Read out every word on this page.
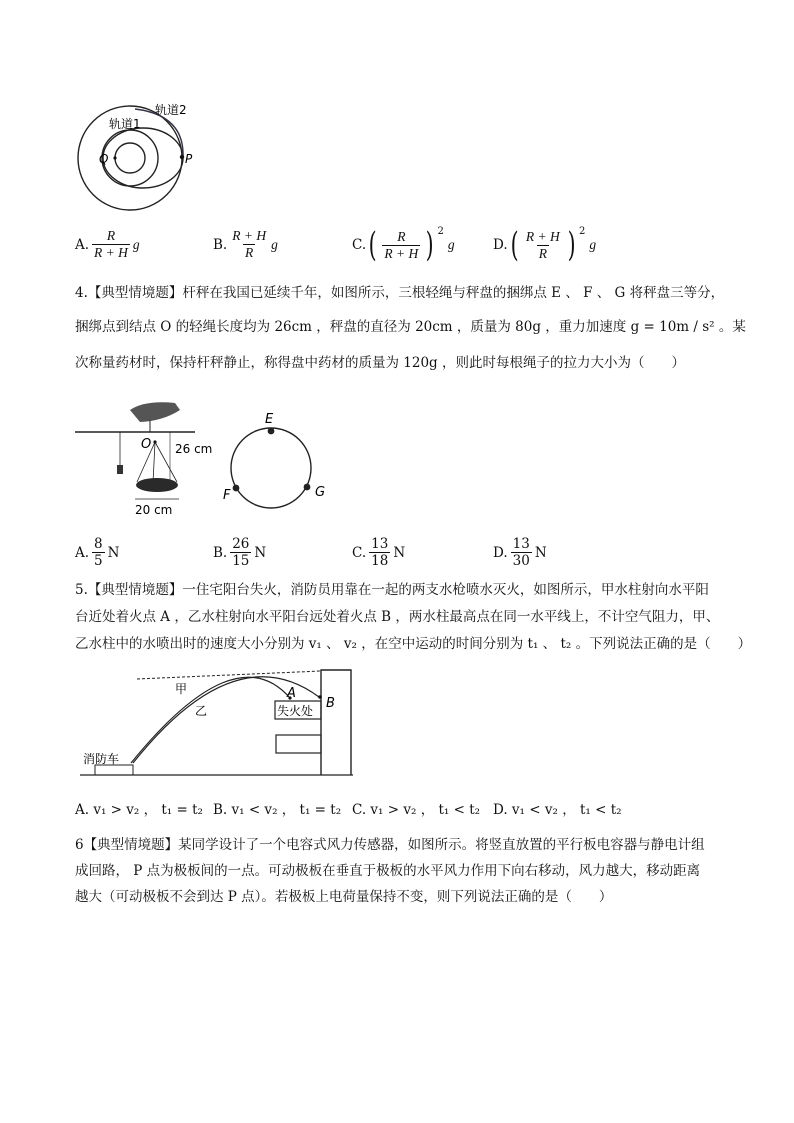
轨道2
轨道1
Q	P
A. $\frac{R}{R + H}$ g	B. $\frac{R + H}{R}$ g	C. ( $\frac{R}{R + H}$ ) 2
g	D. ( $\frac{R + H}{R}$ ) 2
g
4.【典型情境题】杆秤在我国已延续千年，如图所示，三根轻绳与秤盘的捆绑点 E 、 F 、 G 将秤盘三等分，
捆绑点到结点 O 的轻绳长度均为 26cm ，秤盘的直径为 20cm ，质量为 80g ，重力加速度 g = 10m / s² 。某
次称量药材时，保持杆秤静止，称得盘中药材的质量为 120g ，则此时每根绳子的拉力大小为（　　）
O 26 cm
20 cm
E
F	G
A. $\frac{8}{5}$ N	B. $\frac{26}{15}$ N	C. $\frac{13}{18}$ N	D. $\frac{13}{30}$ N
5.【典型情境题】一住宅阳台失火，消防员用靠在一起的两支水枪喷水灭火，如图所示，甲水柱射向水平阳
台近处着火点 A ，乙水柱射向水平阳台远处着火点 B ，两水柱最高点在同一水平线上，不计空气阻力，甲、
乙水柱中的水喷出时的速度大小分别为 v₁ 、 v₂ ，在空中运动的时间分别为 t₁ 、 t₂ 。下列说法正确的是（　　）
甲
乙
A
B
失火处
消防车
A. v₁ > v₂ ， t₁ = t₂ B. v₁ < v₂ ， t₁ = t₂ C. v₁ > v₂ ， t₁ < t₂ D. v₁ < v₂ ， t₁ < t₂
6【典型情境题】某同学设计了一个电容式风力传感器，如图所示。将竖直放置的平行板电容器与静电计组
成回路， P 点为极板间的一点。可动极板在垂直于极板的水平风力作用下向右移动，风力越大，移动距离
越大（可动极板不会到达 P 点）。若极板上电荷量保持不变，则下列说法正确的是（　　）
